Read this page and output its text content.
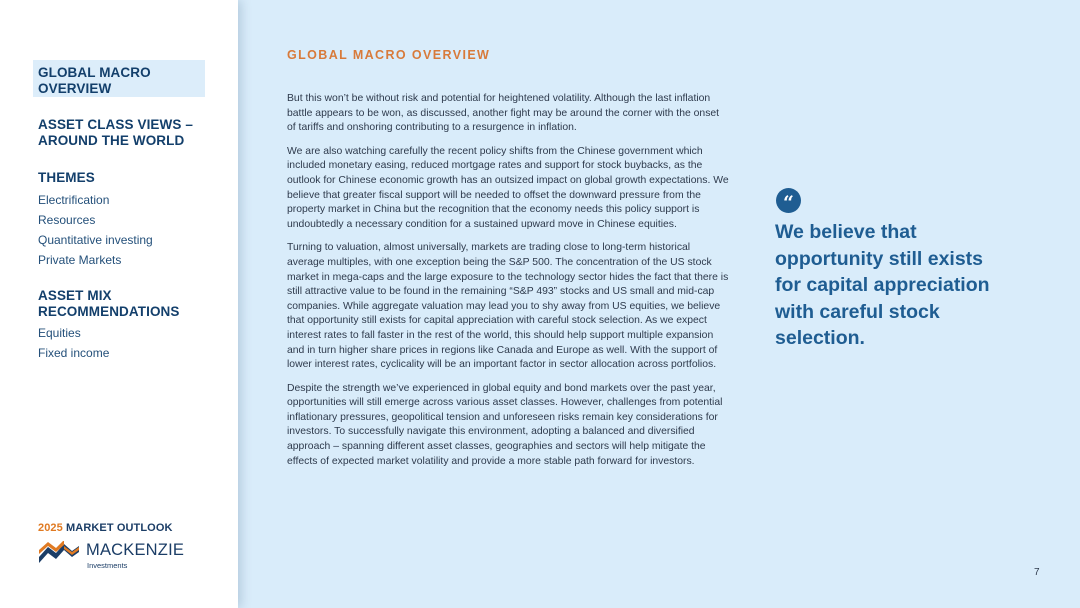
GLOBAL MACRO OVERVIEW
ASSET CLASS VIEWS – AROUND THE WORLD
THEMES
Electrification
Resources
Quantitative investing
Private Markets
ASSET MIX RECOMMENDATIONS
Equities
Fixed income
2025 MARKET OUTLOOK
MACKENZIE
Investments
GLOBAL MACRO OVERVIEW

But this won’t be without risk and potential for heightened volatility. Although the last inflation battle appears to be won, as discussed, another fight may be around the corner with the onset of tariffs and onshoring contributing to a resurgence in inflation.

We are also watching carefully the recent policy shifts from the Chinese government which included monetary easing, reduced mortgage rates and support for stock buybacks, as the outlook for Chinese economic growth has an outsized impact on global growth expectations. We believe that greater fiscal support will be needed to offset the downward pressure from the property market in China but the recognition that the economy needs this policy support is undoubtedly a necessary condition for a sustained upward move in Chinese equities.

Turning to valuation, almost universally, markets are trading close to long-term historical average multiples, with one exception being the S&P 500. The concentration of the US stock market in mega-caps and the large exposure to the technology sector hides the fact that there is still attractive value to be found in the remaining “S&P 493” stocks and US small and mid-cap companies. While aggregate valuation may lead you to shy away from US equities, we believe that opportunity still exists for capital appreciation with careful stock selection. As we expect interest rates to fall faster in the rest of the world, this should help support multiple expansion and in turn higher share prices in regions like Canada and Europe as well. With the support of lower interest rates, cyclicality will be an important factor in sector allocation across portfolios.

Despite the strength we’ve experienced in global equity and bond markets over the past year, opportunities will still emerge across various asset classes. However, challenges from potential inflationary pressures, geopolitical tension and unforeseen risks remain key considerations for investors. To successfully navigate this environment, adopting a balanced and diversified approach – spanning different asset classes, geographies and sectors will help mitigate the effects of expected market volatility and provide a more stable path forward for investors.

“
We believe that opportunity still exists for capital appreciation with careful stock selection.
7
